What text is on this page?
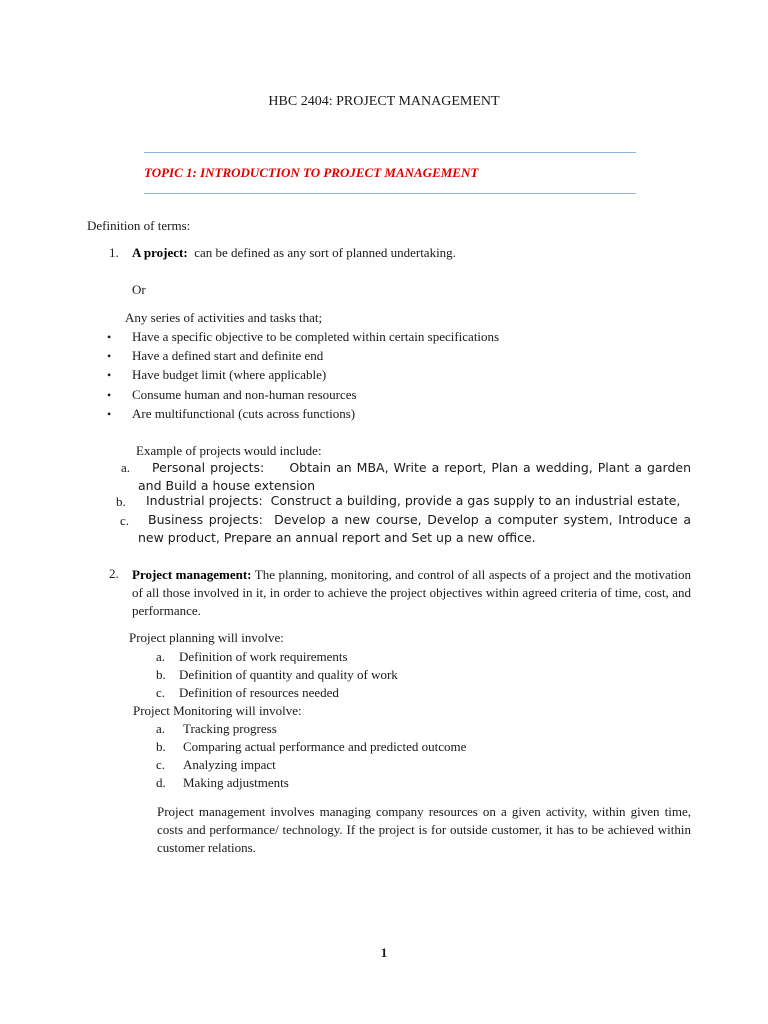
HBC 2404: PROJECT MANAGEMENT
TOPIC 1: INTRODUCTION TO PROJECT MANAGEMENT
Definition of terms:
1. A project: can be defined as any sort of planned undertaking.
Or
Any series of activities and tasks that;
• Have a specific objective to be completed within certain specifications
• Have a defined start and definite end
• Have budget limit (where applicable)
• Consume human and non-human resources
• Are multifunctional (cuts across functions)
Example of projects would include:
a.	Personal projects: Obtain an MBA, Write a report, Plan a wedding, Plant a garden and Build a house extension
b. Industrial projects: Construct a building, provide a gas supply to an industrial estate,
c.	Business projects: Develop a new course, Develop a computer system, Introduce a new product, Prepare an annual report and Set up a new office.
2. Project management: The planning, monitoring, and control of all aspects of a project and the motivation of all those involved in it, in order to achieve the project objectives within agreed criteria of time, cost, and performance.
Project planning will involve:
a. Definition of work requirements
b. Definition of quantity and quality of work
c. Definition of resources needed
Project Monitoring will involve:
a. Tracking progress
b. Comparing actual performance and predicted outcome
c. Analyzing impact
d. Making adjustments
Project management involves managing company resources on a given activity, within given time, costs and performance/ technology. If the project is for outside customer, it has to be achieved within customer relations.
1
